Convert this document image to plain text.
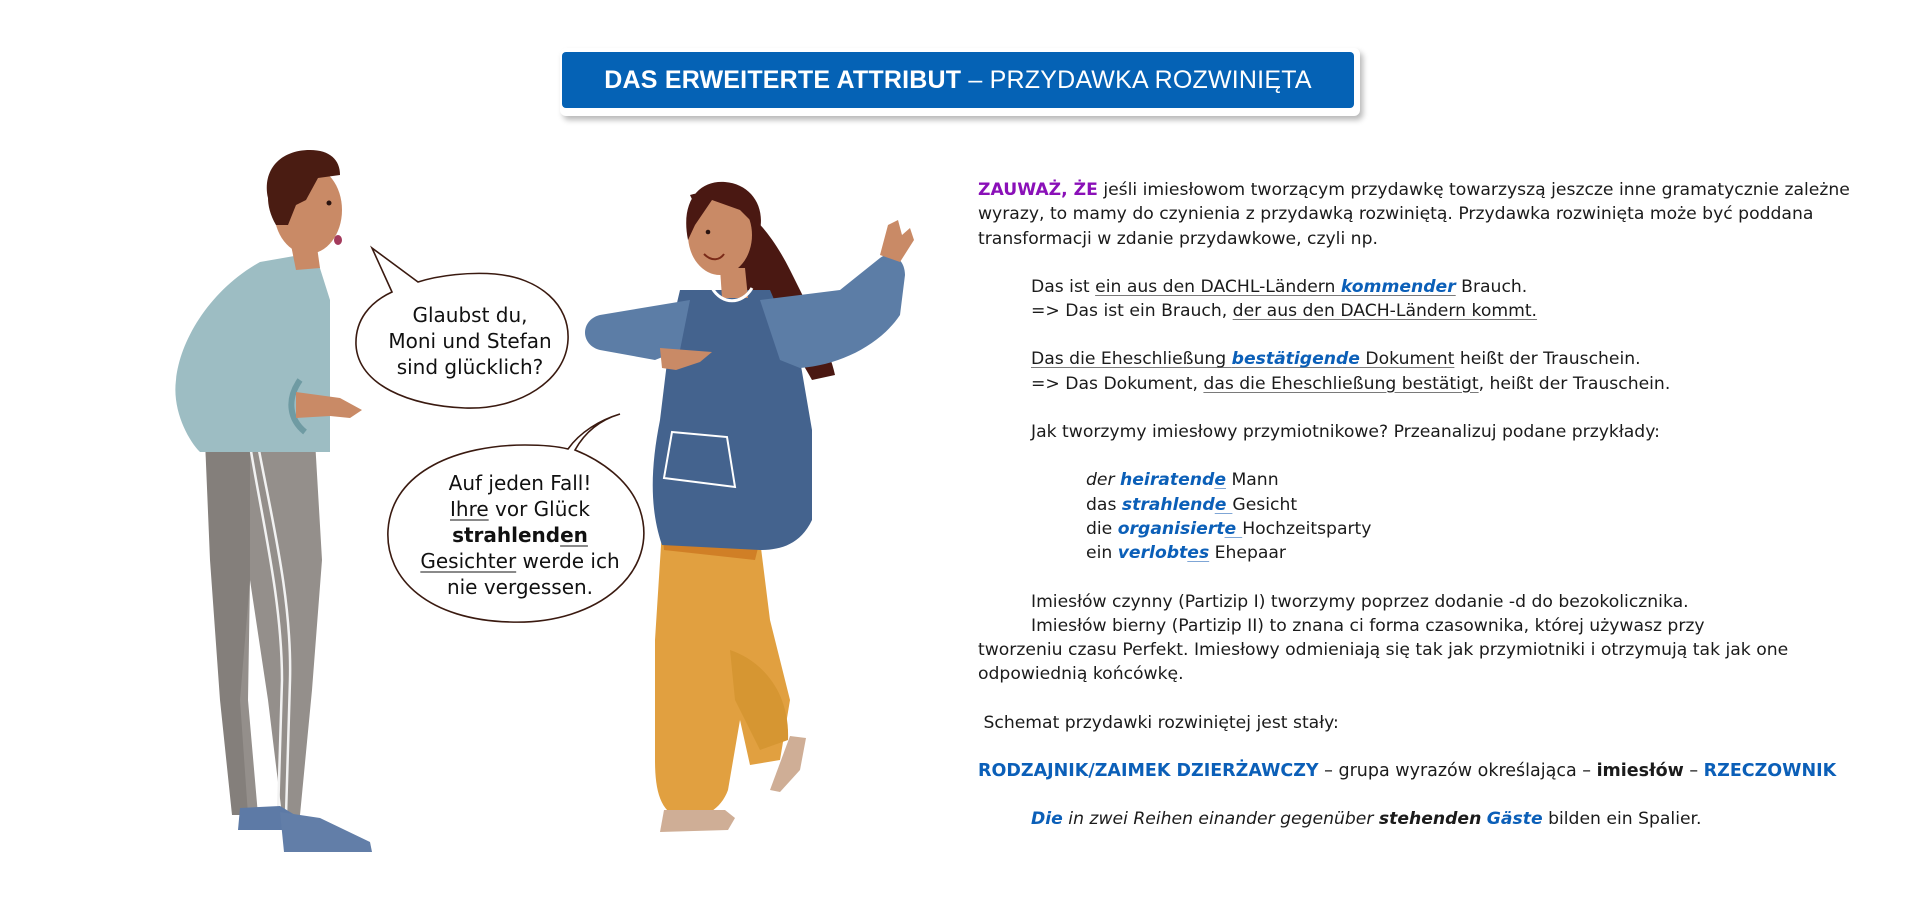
DAS ERWEITERTE ATTRIBUT – PRZYDAWKA ROZWINIĘTA
Glaubst du,
Moni und Stefan
sind glücklich?
Auf jeden Fall!
Ihre vor Glück
strahlenden
Gesichter werde ich
nie vergessen.

ZAUWAŻ, ŻE jeśli imiesłowom tworzącym przydawkę towarzyszą jeszcze inne gramatycznie zależne wyrazy, to mamy do czynienia z przydawką rozwiniętą. Przydawka rozwinięta może być poddana transformacji w zdanie przydawkowe, czyli np.

Das ist ein aus den DACHL-Ländern kommender Brauch.

=> Das ist ein Brauch, der aus den DACH-Ländern kommt.

Das die Eheschließung bestätigende Dokument heißt der Trauschein.

=> Das Dokument, das die Eheschließung bestätigt, heißt der Trauschein.

Jak tworzymy imiesłowy przymiotnikowe? Przeanalizuj podane przykłady:

der heiratende Mann

das strahlende Gesicht

die organisierte Hochzeitsparty

ein verlobtes Ehepaar

Imiesłów czynny (Partizip I) tworzymy poprzez dodanie -d do bezokolicznika.

Imiesłów bierny (Partizip II) to znana ci forma czasownika, której używasz przy

tworzeniu czasu Perfekt. Imiesłowy odmieniają się tak jak przymiotniki i otrzymują tak jak one odpowiednią końcówkę.

Schemat przydawki rozwiniętej jest stały:

RODZAJNIK/ZAIMEK DZIERŻAWCZY – grupa wyrazów określająca – imiesłów – RZECZOWNIK

Die in zwei Reihen einander gegenüber stehenden Gäste bilden ein Spalier.
